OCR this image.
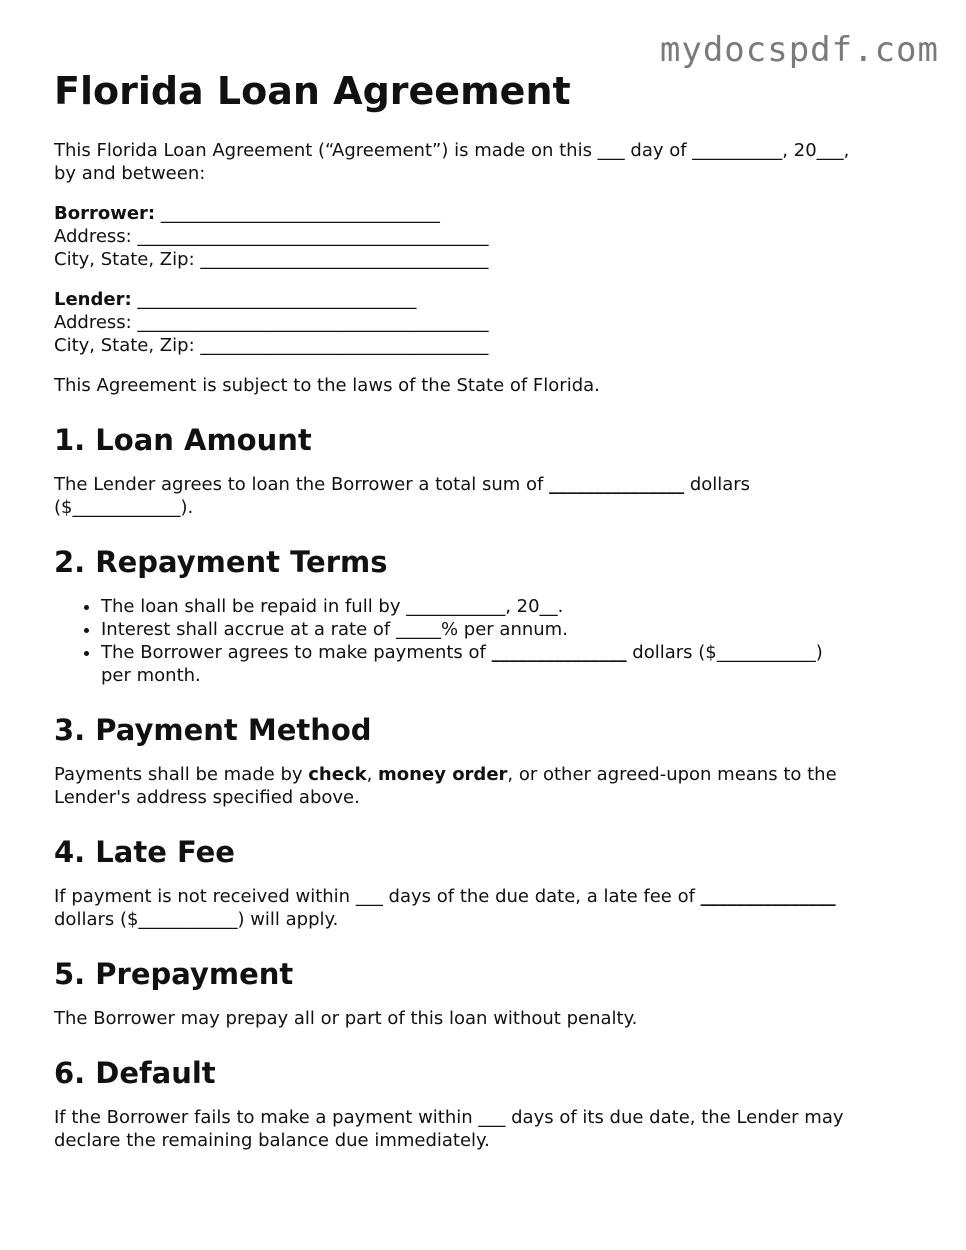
mydocspdf.com
Florida Loan Agreement

This Florida Loan Agreement (“Agreement”) is made on this ___ day of __________, 20___,
by and between:

Borrower: _______________________________
Address: _______________________________________
City, State, Zip: ________________________________

Lender: _______________________________
Address: _______________________________________
City, State, Zip: ________________________________

This Agreement is subject to the laws of the State of Florida.

1. Loan Amount

The Lender agrees to loan the Borrower a total sum of _______________ dollars
($____________).

2. Repayment Terms
• The loan shall be repaid in full by ___________, 20__.
• Interest shall accrue at a rate of _____% per annum.
• The Borrower agrees to make payments of _______________ dollars ($___________)
per month.
3. Payment Method

Payments shall be made by check, money order, or other agreed-upon means to the
Lender's address specified above.

4. Late Fee

If payment is not received within ___ days of the due date, a late fee of _______________
dollars ($___________) will apply.

5. Prepayment

The Borrower may prepay all or part of this loan without penalty.

6. Default

If the Borrower fails to make a payment within ___ days of its due date, the Lender may
declare the remaining balance due immediately.
